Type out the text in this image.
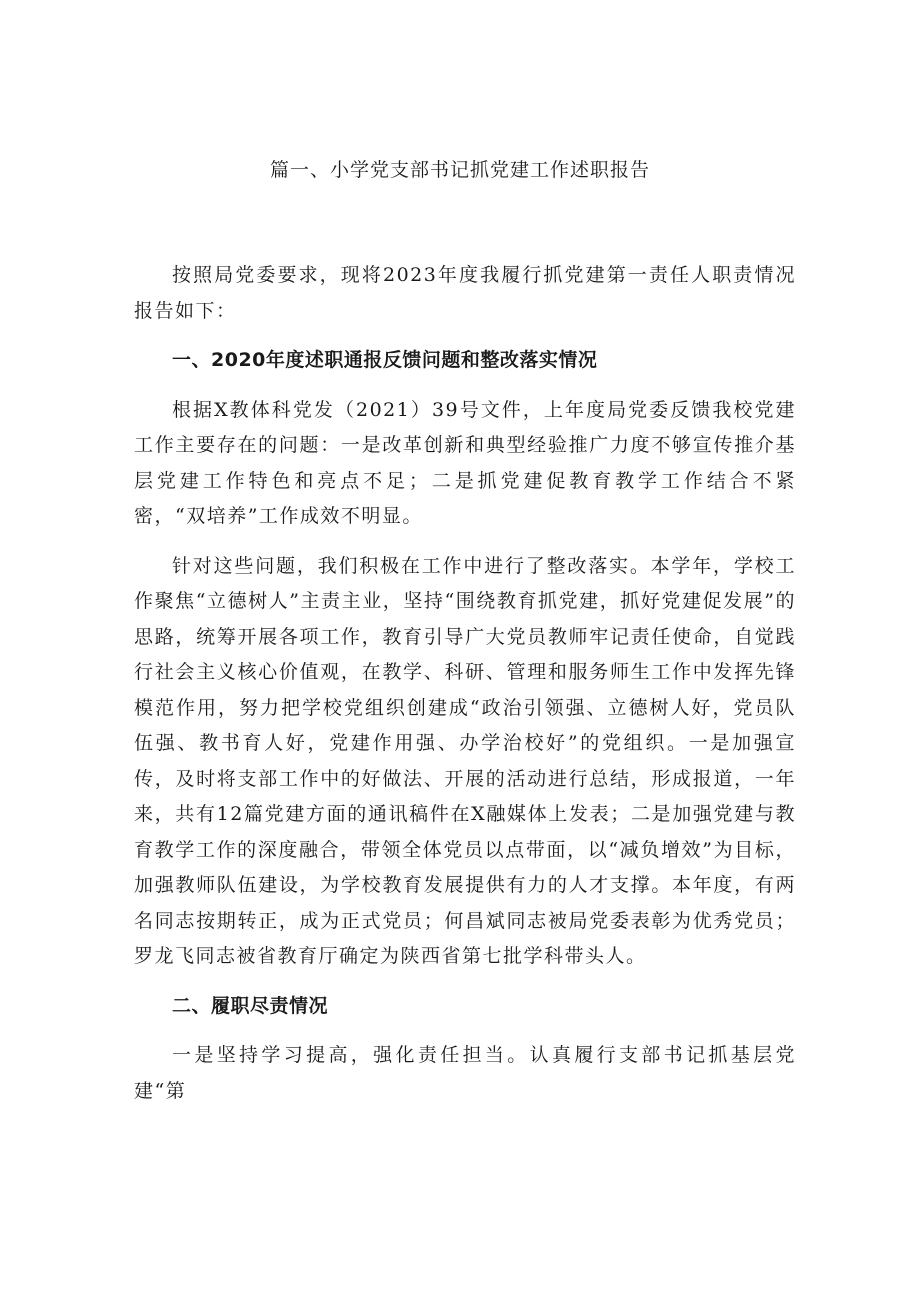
篇一、小学党支部书记抓党建工作述职报告

按照局党委要求，现将2023年度我履行抓党建第一责任人职责情况报告如下：

一、2020年度述职通报反馈问题和整改落实情况

根据X教体科党发（2021）39号文件，上年度局党委反馈我校党建工作主要存在的问题：一是改革创新和典型经验推广力度不够宣传推介基层党建工作特色和亮点不足；二是抓党建促教育教学工作结合不紧密，“双培养”工作成效不明显。

针对这些问题，我们积极在工作中进行了整改落实。本学年，学校工作聚焦“立德树人”主责主业，坚持“围绕教育抓党建，抓好党建促发展”的思路，统筹开展各项工作，教育引导广大党员教师牢记责任使命，自觉践行社会主义核心价值观，在教学、科研、管理和服务师生工作中发挥先锋模范作用，努力把学校党组织创建成“政治引领强、立德树人好，党员队伍强、教书育人好，党建作用强、办学治校好”的党组织。一是加强宣传，及时将支部工作中的好做法、开展的活动进行总结，形成报道，一年来，共有12篇党建方面的通讯稿件在X融媒体上发表；二是加强党建与教育教学工作的深度融合，带领全体党员以点带面，以“减负增效”为目标，加强教师队伍建设，为学校教育发展提供有力的人才支撑。本年度，有两名同志按期转正，成为正式党员；何昌斌同志被局党委表彰为优秀党员；罗龙飞同志被省教育厅确定为陕西省第七批学科带头人。

二、履职尽责情况

一是坚持学习提高，强化责任担当。认真履行支部书记抓基层党建“第
